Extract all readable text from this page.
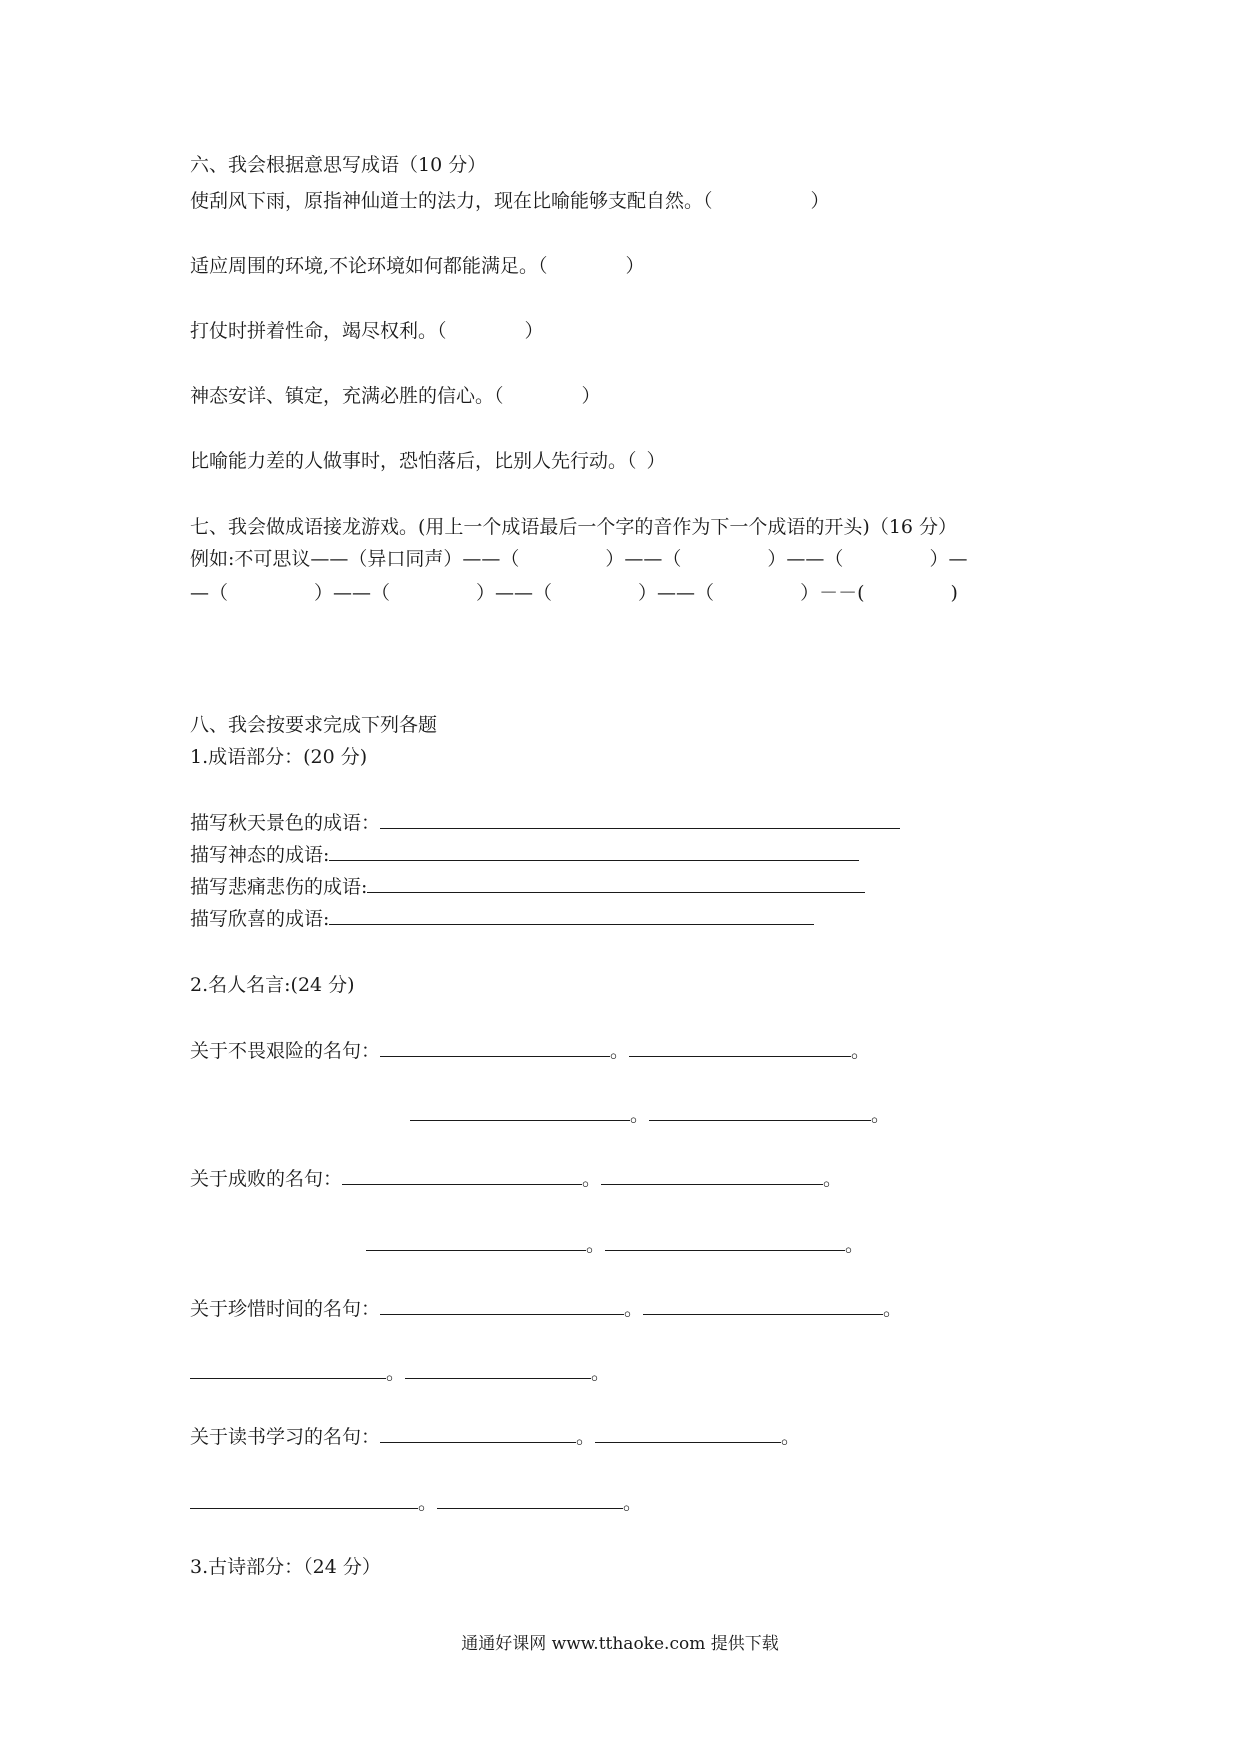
六、我会根据意思写成语（10 分）
使刮风下雨，原指神仙道士的法力，现在比喻能够支配自然。（	）
适应周围的环境,不论环境如何都能满足。（	）
打仗时拼着性命，竭尽权利。（	）
神态安详、镇定，充满必胜的信心。（	）
比喻能力差的人做事时，恐怕落后，比别人先行动。（ ）
七、我会做成语接龙游戏。(用上一个成语最后一个字的音作为下一个成语的开头)（16 分）
例如:不可思议——（异口同声）——（	）——（	）——（	）—
—（	）——（	）——（	）——（	）－－(	)
八、我会按要求完成下列各题
1.成语部分：(20 分)
描写秋天景色的成语：
描写神态的成语:
描写悲痛悲伤的成语:
描写欣喜的成语:
2.名人名言:(24 分)
关于不畏艰险的名句：	。	。
。	。
关于成败的名句：	。	。
。	。
关于珍惜时间的名句：	。	。
。	。
关于读书学习的名句：	。	。
。	。
3.古诗部分：（24 分）
通通好课网 www.tthaoke.com 提供下载
